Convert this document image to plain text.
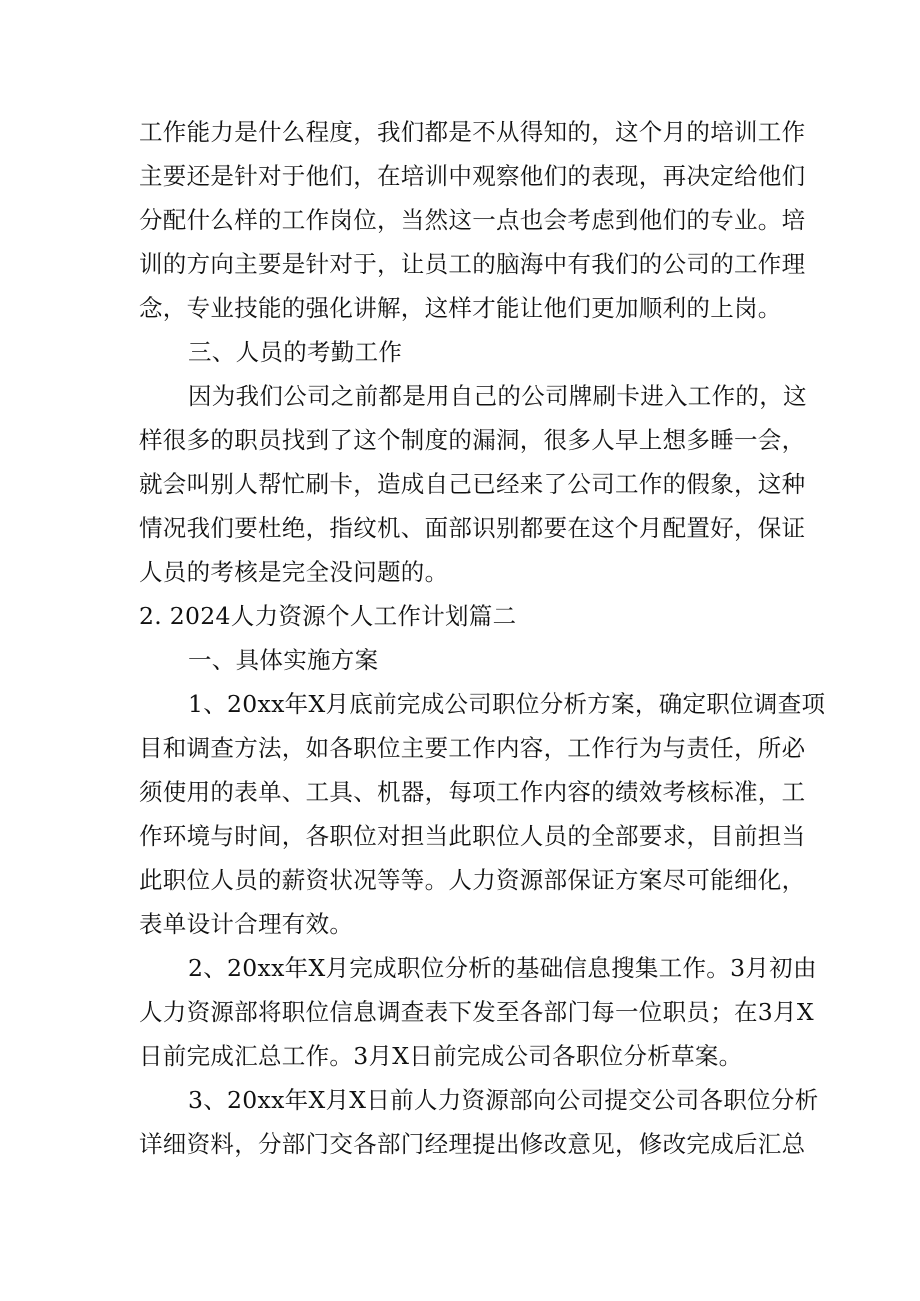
工作能力是什么程度，我们都是不从得知的，这个月的培训工作
主要还是针对于他们，在培训中观察他们的表现，再决定给他们
分配什么样的工作岗位，当然这一点也会考虑到他们的专业。培
训的方向主要是针对于，让员工的脑海中有我们的公司的工作理
念，专业技能的强化讲解，这样才能让他们更加顺利的上岗。
三、人员的考勤工作
因为我们公司之前都是用自己的公司牌刷卡进入工作的，这
样很多的职员找到了这个制度的漏洞，很多人早上想多睡一会，
就会叫别人帮忙刷卡，造成自己已经来了公司工作的假象，这种
情况我们要杜绝，指纹机、面部识别都要在这个月配置好，保证
人员的考核是完全没问题的。
2. 2024人力资源个人工作计划篇二
一、具体实施方案
1、20xx年X月底前完成公司职位分析方案，确定职位调查项
目和调查方法，如各职位主要工作内容，工作行为与责任，所必
须使用的表单、工具、机器，每项工作内容的绩效考核标准，工
作环境与时间，各职位对担当此职位人员的全部要求，目前担当
此职位人员的薪资状况等等。人力资源部保证方案尽可能细化，
表单设计合理有效。
2、20xx年X月完成职位分析的基础信息搜集工作。3月初由
人力资源部将职位信息调查表下发至各部门每一位职员；在3月X
日前完成汇总工作。3月X日前完成公司各职位分析草案。
3、20xx年X月X日前人力资源部向公司提交公司各职位分析
详细资料，分部门交各部门经理提出修改意见，修改完成后汇总
